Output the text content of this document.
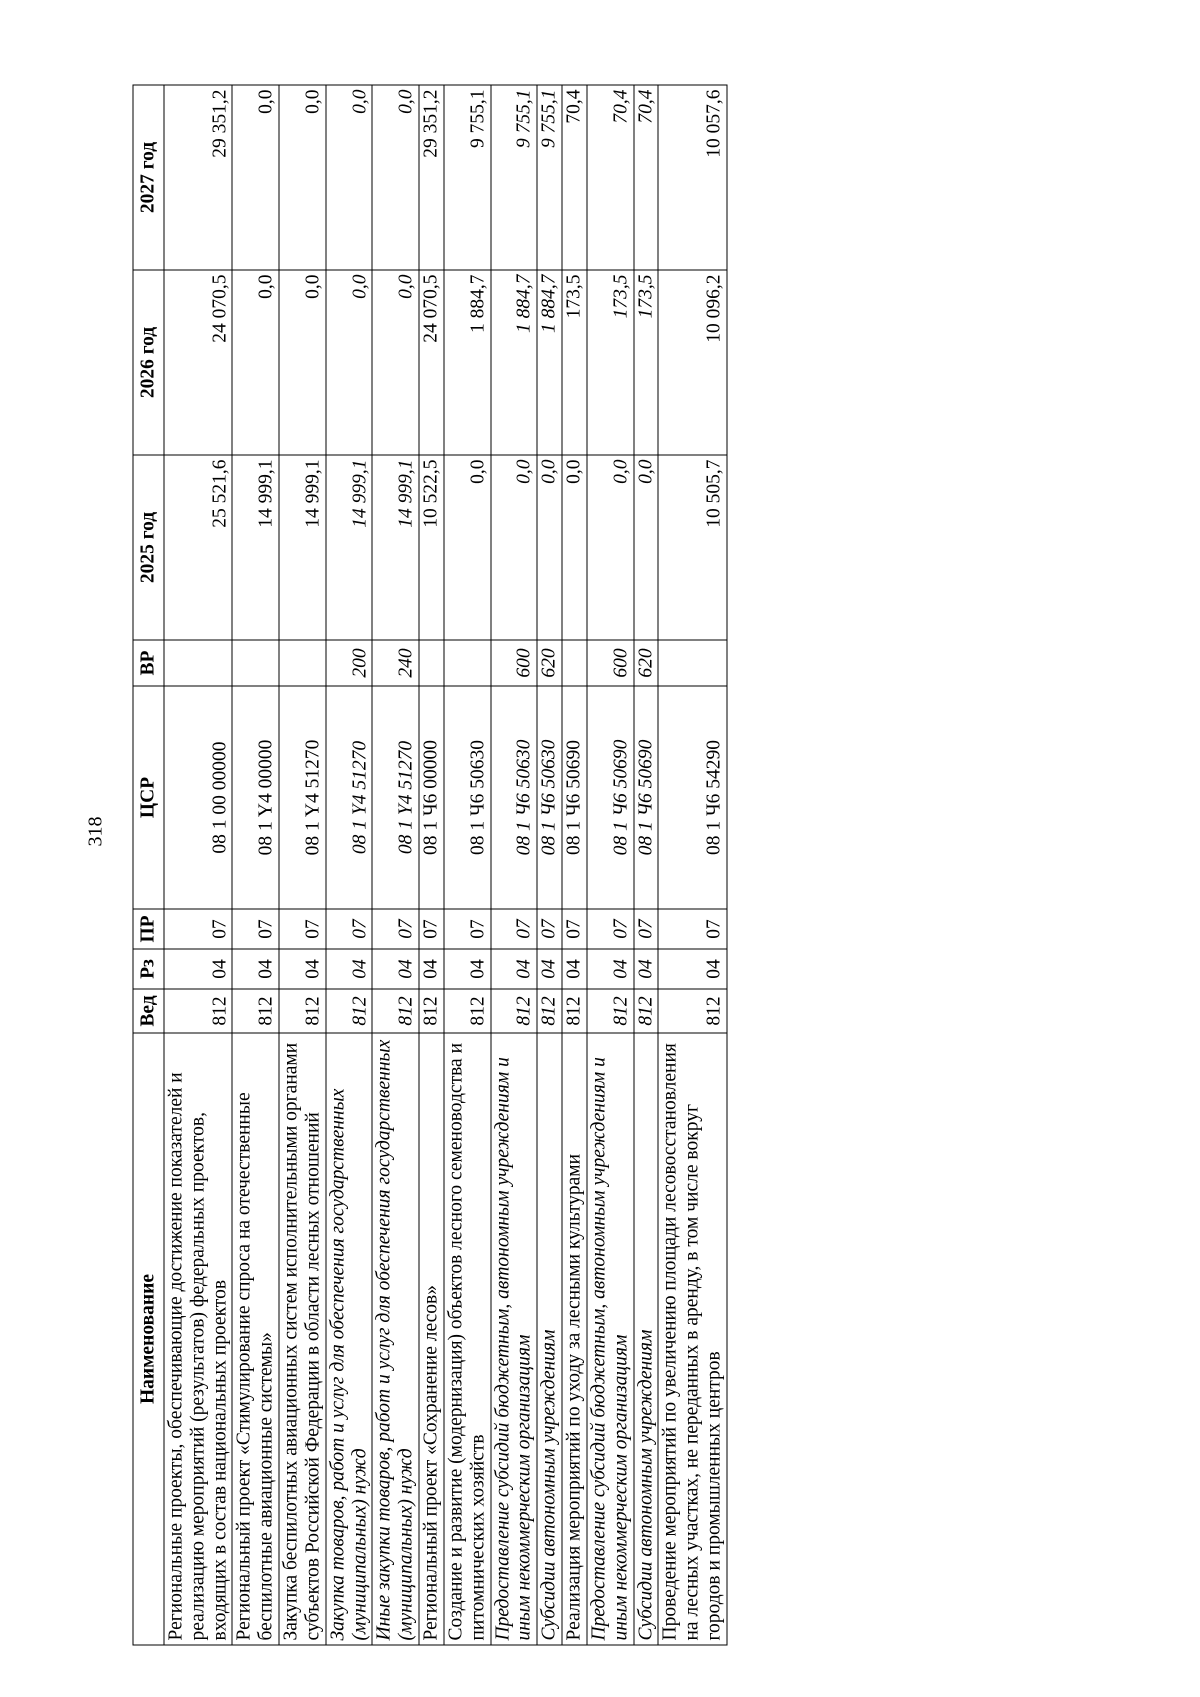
318
Наименование	Вед	Рз	ПР	ЦСР	ВР	2025 год	2026 год	2027 год
Региональные проекты, обеспечивающие достижение показателей и реализацию мероприятий (результатов) федеральных проектов, входящих в состав национальных проектов	812	04	07	08 1 00 00000		25 521,6	24 070,5	29 351,2
Региональный проект «Стимулирование спроса на отечественные беспилотные авиационные системы»	812	04	07	08 1 Y4 00000		14 999,1	0,0	0,0
Закупка беспилотных авиационных систем исполнительными органами субъектов Российской Федерации в области лесных отношений	812	04	07	08 1 Y4 51270		14 999,1	0,0	0,0
Закупка товаров, работ и услуг для обеспечения государственных (муниципальных) нужд	812	04	07	08 1 Y4 51270	200	14 999,1	0,0	0,0
Иные закупки товаров, работ и услуг для обеспечения государственных (муниципальных) нужд	812	04	07	08 1 Y4 51270	240	14 999,1	0,0	0,0
Региональный проект «Сохранение лесов»	812	04	07	08 1 Ч6 00000		10 522,5	24 070,5	29 351,2
Создание и развитие (модернизация) объектов лесного семеноводства и питомнических хозяйств	812	04	07	08 1 Ч6 50630		0,0	1 884,7	9 755,1
Предоставление субсидий бюджетным, автономным учреждениям и иным некоммерческим организациям	812	04	07	08 1 Ч6 50630	600	0,0	1 884,7	9 755,1
Субсидии автономным учреждениям	812	04	07	08 1 Ч6 50630	620	0,0	1 884,7	9 755,1
Реализация мероприятий по уходу за лесными культурами	812	04	07	08 1 Ч6 50690		0,0	173,5	70,4
Предоставление субсидий бюджетным, автономным учреждениям и иным некоммерческим организациям	812	04	07	08 1 Ч6 50690	600	0,0	173,5	70,4
Субсидии автономным учреждениям	812	04	07	08 1 Ч6 50690	620	0,0	173,5	70,4
Проведение мероприятий по увеличению площади лесовосстановления на лесных участках, не переданных в аренду, в том числе вокруг городов и промышленных центров	812	04	07	08 1 Ч6 54290		10 505,7	10 096,2	10 057,6
